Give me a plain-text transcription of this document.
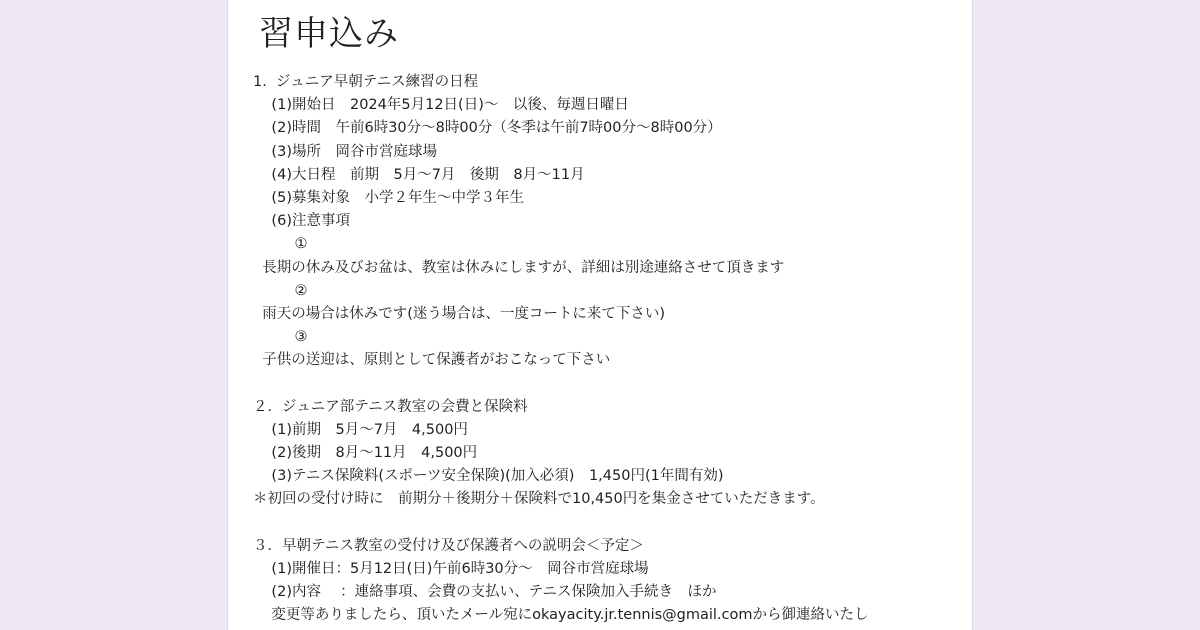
習申込み
1.  ジュニア早朝テニス練習の日程
(1)開始日　2024年5月12日(日)～　以後、毎週日曜日
(2)時間　午前6時30分～8時00分（冬季は午前7時00分～8時00分）
(3)場所　岡谷市営庭球場
(4)大日程　前期　5月～7月　後期　8月～11月
(5)募集対象　小学２年生～中学３年生
(6)注意事項
①
長期の休み及びお盆は、教室は休みにしますが、詳細は別途連絡させて頂きます
②
雨天の場合は休みです(迷う場合は、一度コートに来て下さい)
③
子供の送迎は、原則として保護者がおこなって下さい
２．ジュニア部テニス教室の会費と保険料
(1)前期　5月～7月　4,500円
(2)後期　8月～11月　4,500円
(3)テニス保険料(スポーツ安全保険)(加入必須)　1,450円(1年間有効)
＊初回の受付け時に　前期分＋後期分＋保険料で10,450円を集金させていただきます。
３．早朝テニス教室の受付け及び保護者への説明会＜予定＞
(1)開催日：5月12日(日)午前6時30分～　岡谷市営庭球場
(2)内容　 ：連絡事項、会費の支払い、テニス保険加入手続き　ほか
変更等ありましたら、頂いたメール宛にokayacity.jr.tennis@gmail.comから御連絡いたし
